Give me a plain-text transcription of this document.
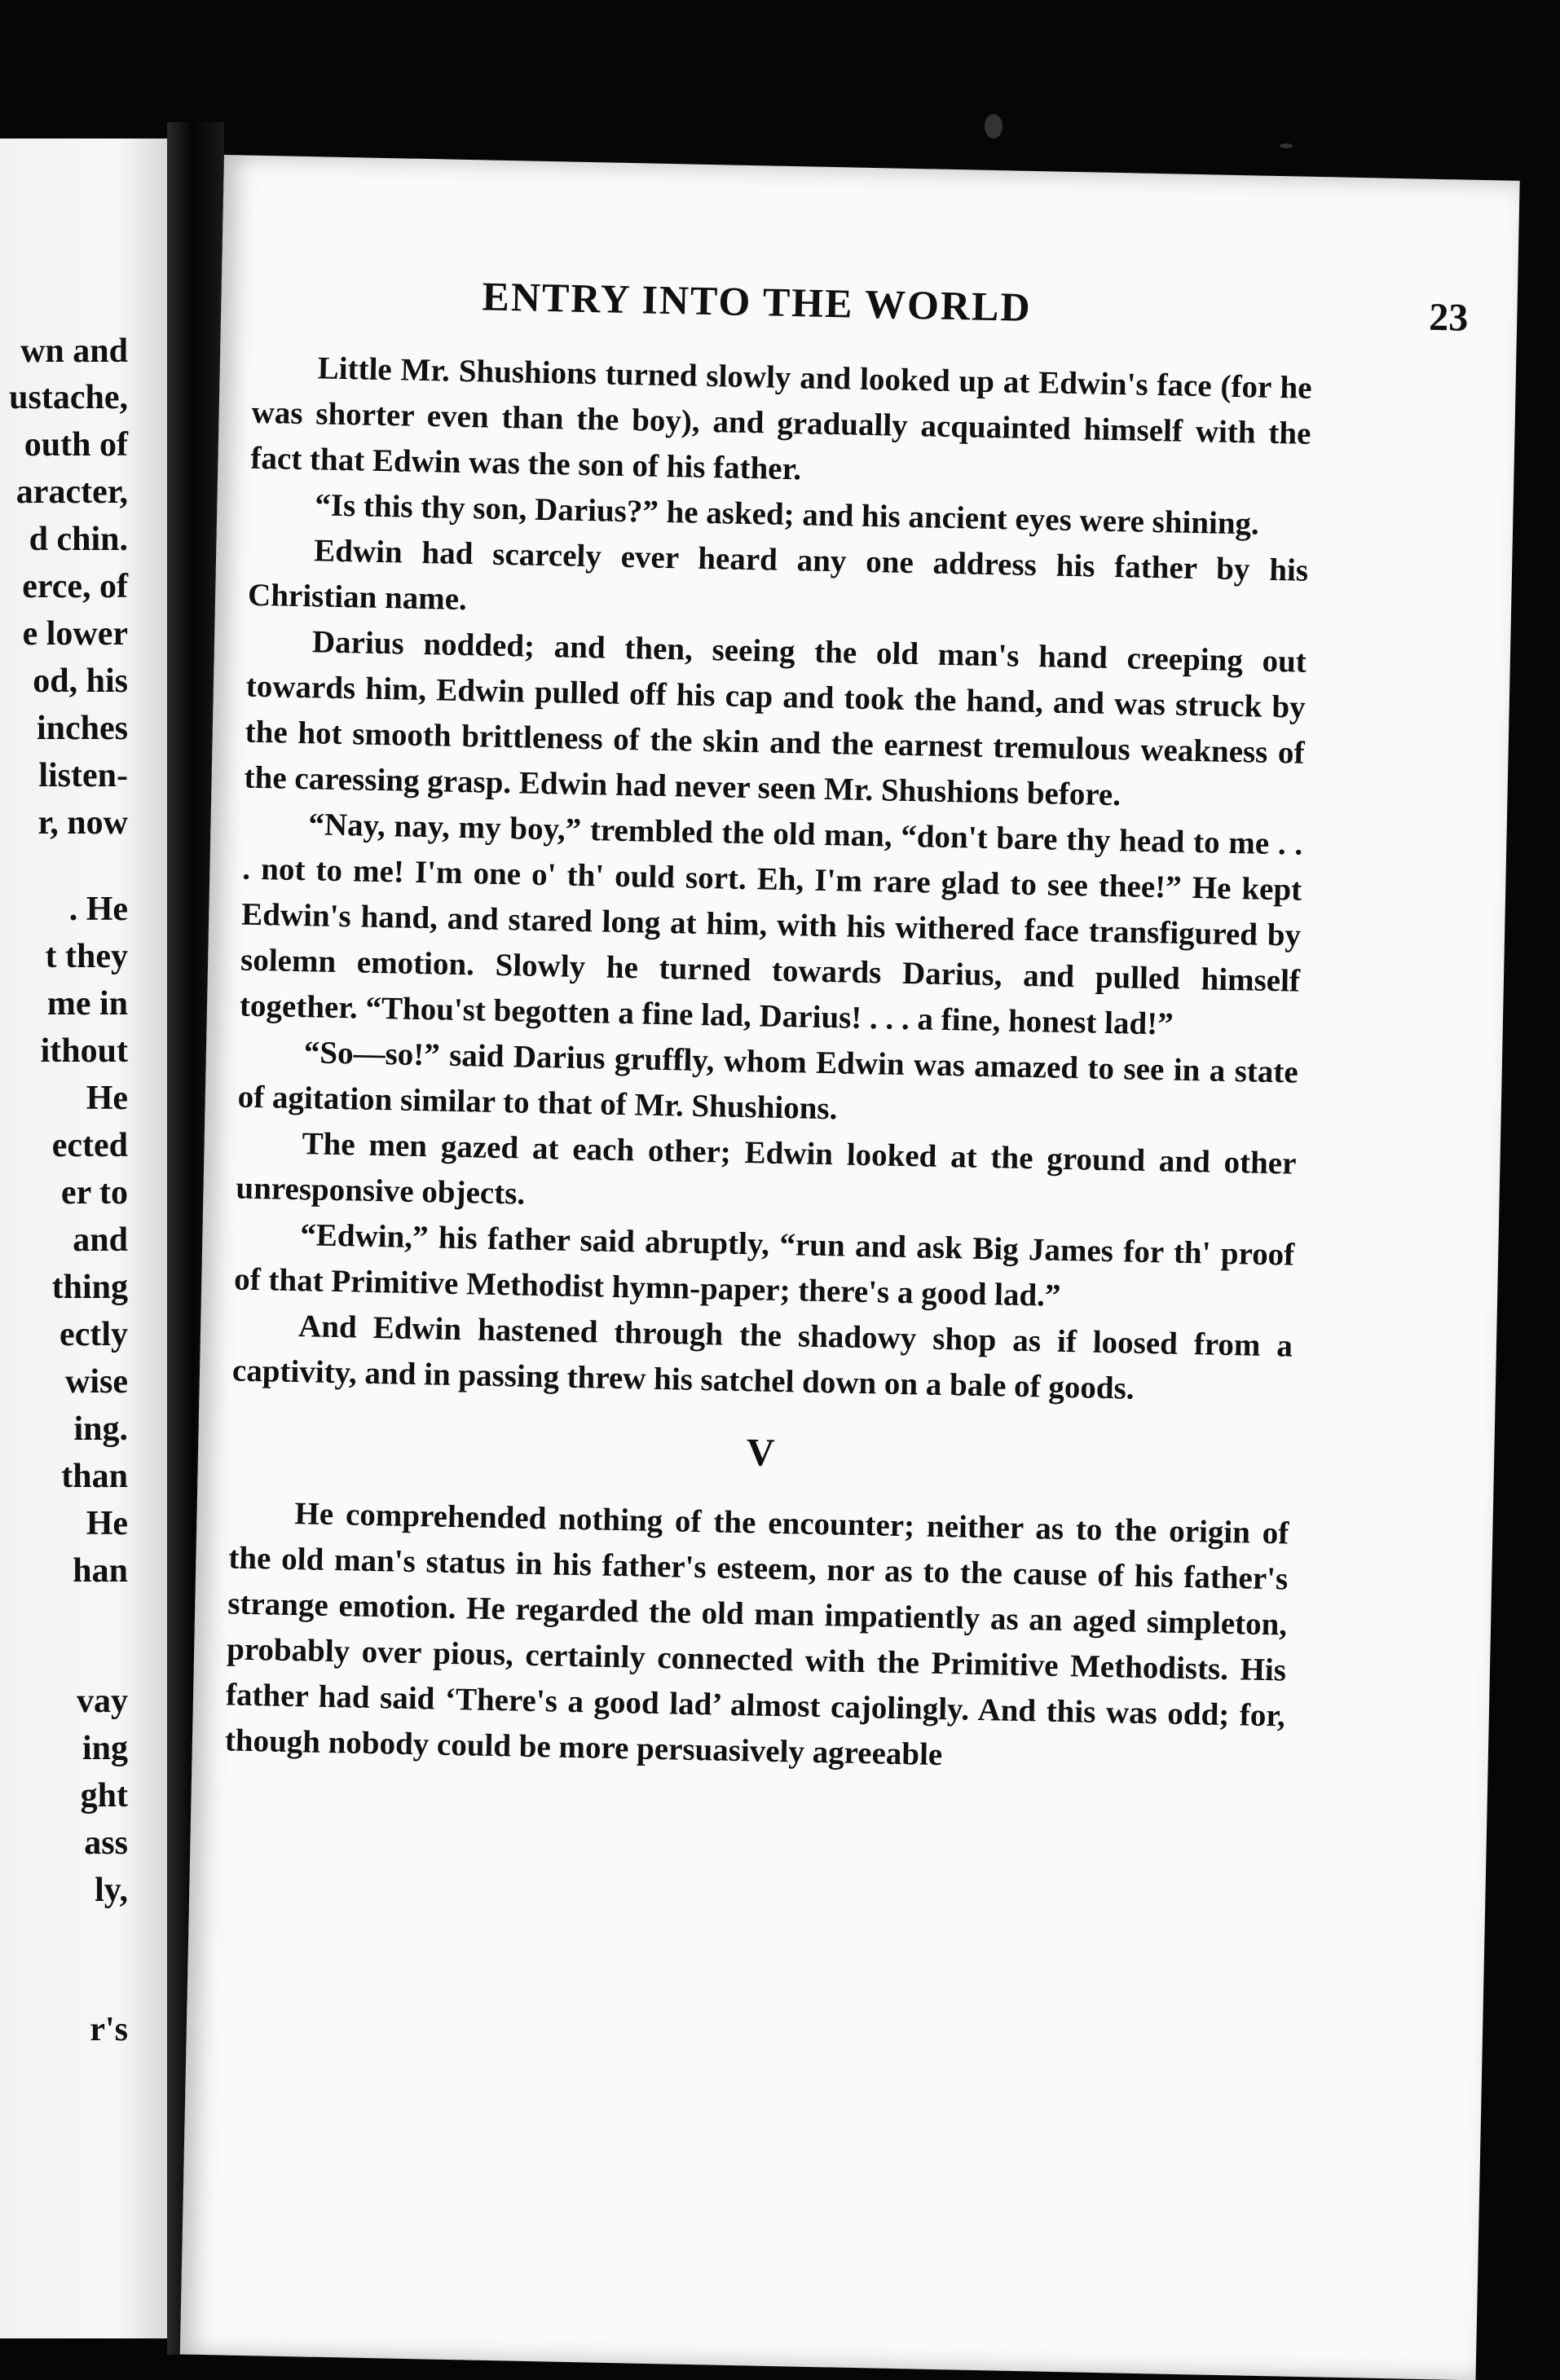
wn and
ustache,
outh of
aracter,
d chin.
erce, of
e lower
od, his
inches
listen-
r, now
. He
t they
me in
ithout
He
ected
er to
and
thing
ectly
wise
ing.
than
He
han
vay
ing
ght
ass
ly,
r's
ENTRY INTO THE WORLD	23

Little Mr. Shushions turned slowly and looked up at Edwin's face (for he was shorter even than the boy), and gradually acquainted himself with the fact that Edwin was the son of his father.

“Is this thy son, Darius?” he asked; and his ancient eyes were shining.

Edwin had scarcely ever heard any one address his father by his Christian name.

Darius nodded; and then, seeing the old man's hand creeping out towards him, Edwin pulled off his cap and took the hand, and was struck by the hot smooth brittleness of the skin and the earnest tremulous weakness of the caressing grasp. Edwin had never seen Mr. Shushions before.

“Nay, nay, my boy,” trembled the old man, “don't bare thy head to me . . . not to me! I'm one o' th' ould sort. Eh, I'm rare glad to see thee!” He kept Edwin's hand, and stared long at him, with his withered face transfigured by solemn emotion. Slowly he turned towards Darius, and pulled himself together. “Thou'st begotten a fine lad, Darius! . . . a fine, honest lad!”

“So—so!” said Darius gruffly, whom Edwin was amazed to see in a state of agitation similar to that of Mr. Shushions.

The men gazed at each other; Edwin looked at the ground and other unresponsive objects.

“Edwin,” his father said abruptly, “run and ask Big James for th' proof of that Primitive Methodist hymn-paper; there's a good lad.”

And Edwin hastened through the shadowy shop as if loosed from a captivity, and in passing threw his satchel down on a bale of goods.

V

He comprehended nothing of the encounter; neither as to the origin of the old man's status in his father's esteem, nor as to the cause of his father's strange emotion. He regarded the old man impatiently as an aged simpleton, probably over pious, certainly connected with the Primitive Methodists. His father had said ‘There's a good lad’ almost cajolingly. And this was odd; for, though nobody could be more persuasively agreeable
